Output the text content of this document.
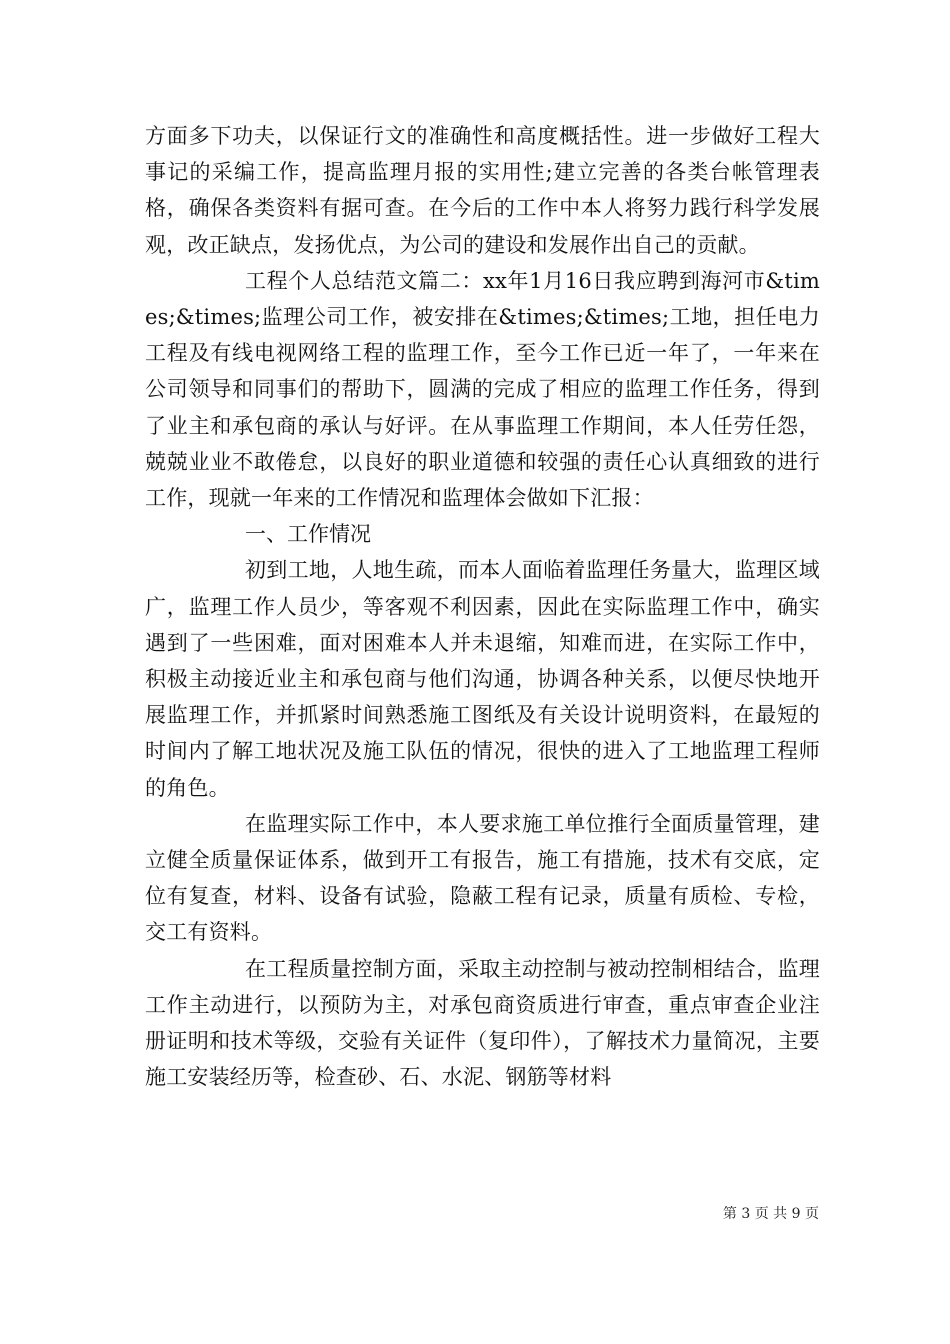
方面多下功夫，以保证行文的准确性和高度概括性。进一步做好工程大事记的采编工作，提高监理月报的实用性;建立完善的各类台帐管理表格，确保各类资料有据可查。在今后的工作中本人将努力践行科学发展观，改正缺点，发扬优点，为公司的建设和发展作出自己的贡献。

工程个人总结范文篇二：xx年1月16日我应聘到海河市&times;&times;监理公司工作，被安排在&times;&times;工地，担任电力工程及有线电视网络工程的监理工作，至今工作已近一年了，一年来在公司领导和同事们的帮助下，圆满的完成了相应的监理工作任务，得到了业主和承包商的承认与好评。在从事监理工作期间，本人任劳任怨，兢兢业业不敢倦怠，以良好的职业道德和较强的责任心认真细致的进行工作，现就一年来的工作情况和监理体会做如下汇报：

一、工作情况

初到工地，人地生疏，而本人面临着监理任务量大，监理区域广，监理工作人员少，等客观不利因素，因此在实际监理工作中，确实遇到了一些困难，面对困难本人并未退缩，知难而进，在实际工作中，积极主动接近业主和承包商与他们沟通，协调各种关系，以便尽快地开展监理工作，并抓紧时间熟悉施工图纸及有关设计说明资料，在最短的时间内了解工地状况及施工队伍的情况，很快的进入了工地监理工程师的角色。

在监理实际工作中，本人要求施工单位推行全面质量管理，建立健全质量保证体系，做到开工有报告，施工有措施，技术有交底，定位有复查，材料、设备有试验，隐蔽工程有记录，质量有质检、专检，交工有资料。

在工程质量控制方面，采取主动控制与被动控制相结合，监理工作主动进行，以预防为主，对承包商资质进行审查，重点审查企业注册证明和技术等级，交验有关证件（复印件），了解技术力量简况，主要施工安装经历等，检查砂、石、水泥、钢筋等材料

第 3 页 共 9 页
